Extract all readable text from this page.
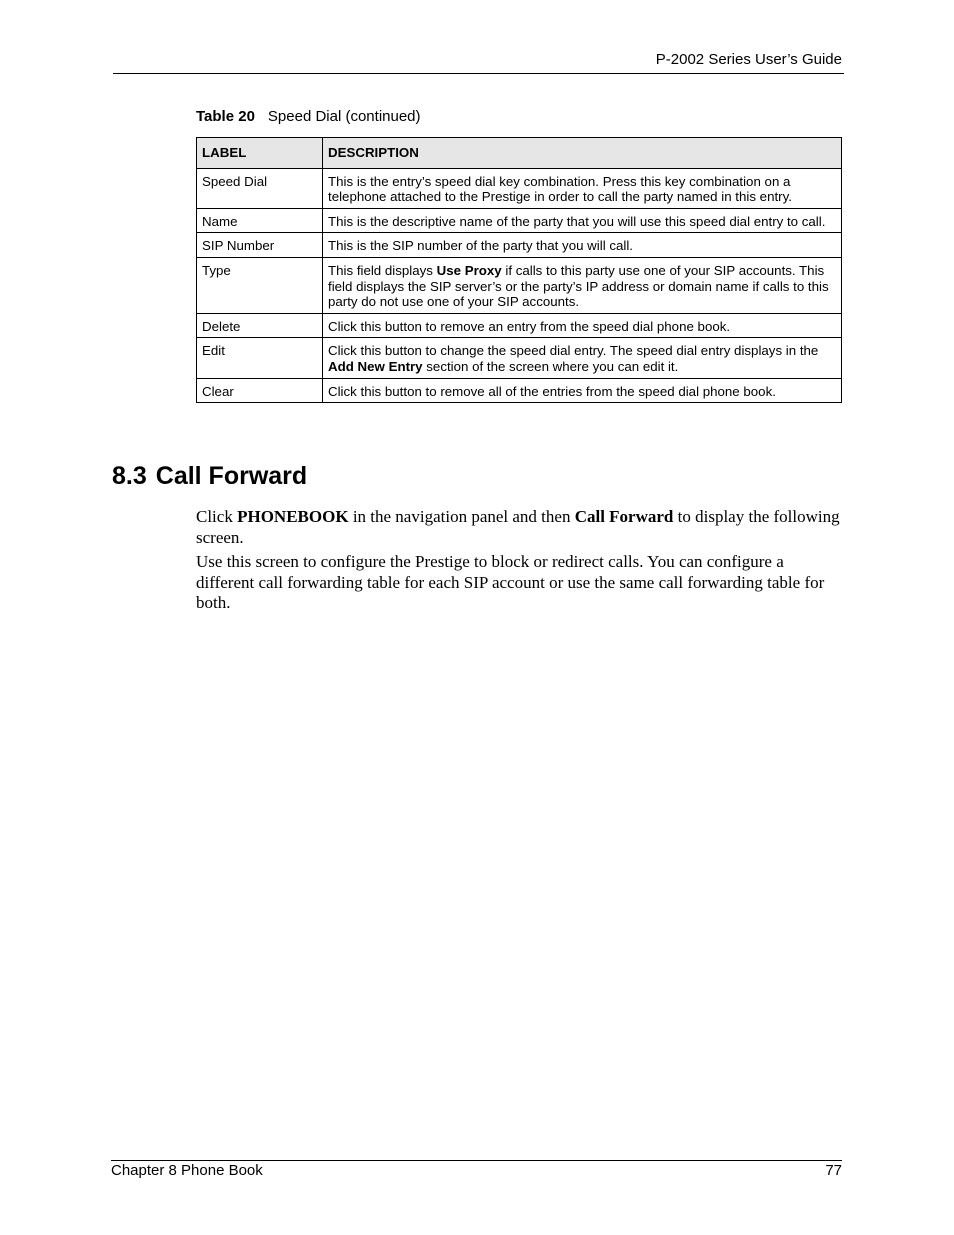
P-2002 Series User’s Guide
Table 20 Speed Dial (continued)
LABEL	DESCRIPTION
Speed Dial	This is the entry’s speed dial key combination. Press this key combination on a telephone attached to the Prestige in order to call the party named in this entry.
Name	This is the descriptive name of the party that you will use this speed dial entry to call.
SIP Number	This is the SIP number of the party that you will call.
Type	This field displays Use Proxy if calls to this party use one of your SIP accounts. This field displays the SIP server’s or the party’s IP address or domain name if calls to this party do not use one of your SIP accounts.
Delete	Click this button to remove an entry from the speed dial phone book.
Edit	Click this button to change the speed dial entry. The speed dial entry displays in the Add New Entry section of the screen where you can edit it.
Clear	Click this button to remove all of the entries from the speed dial phone book.
8.3 Call Forward

Click PHONEBOOK in the navigation panel and then Call Forward to display the following screen.

Use this screen to configure the Prestige to block or redirect calls. You can configure a different call forwarding table for each SIP account or use the same call forwarding table for both.

Chapter 8 Phone Book	77
